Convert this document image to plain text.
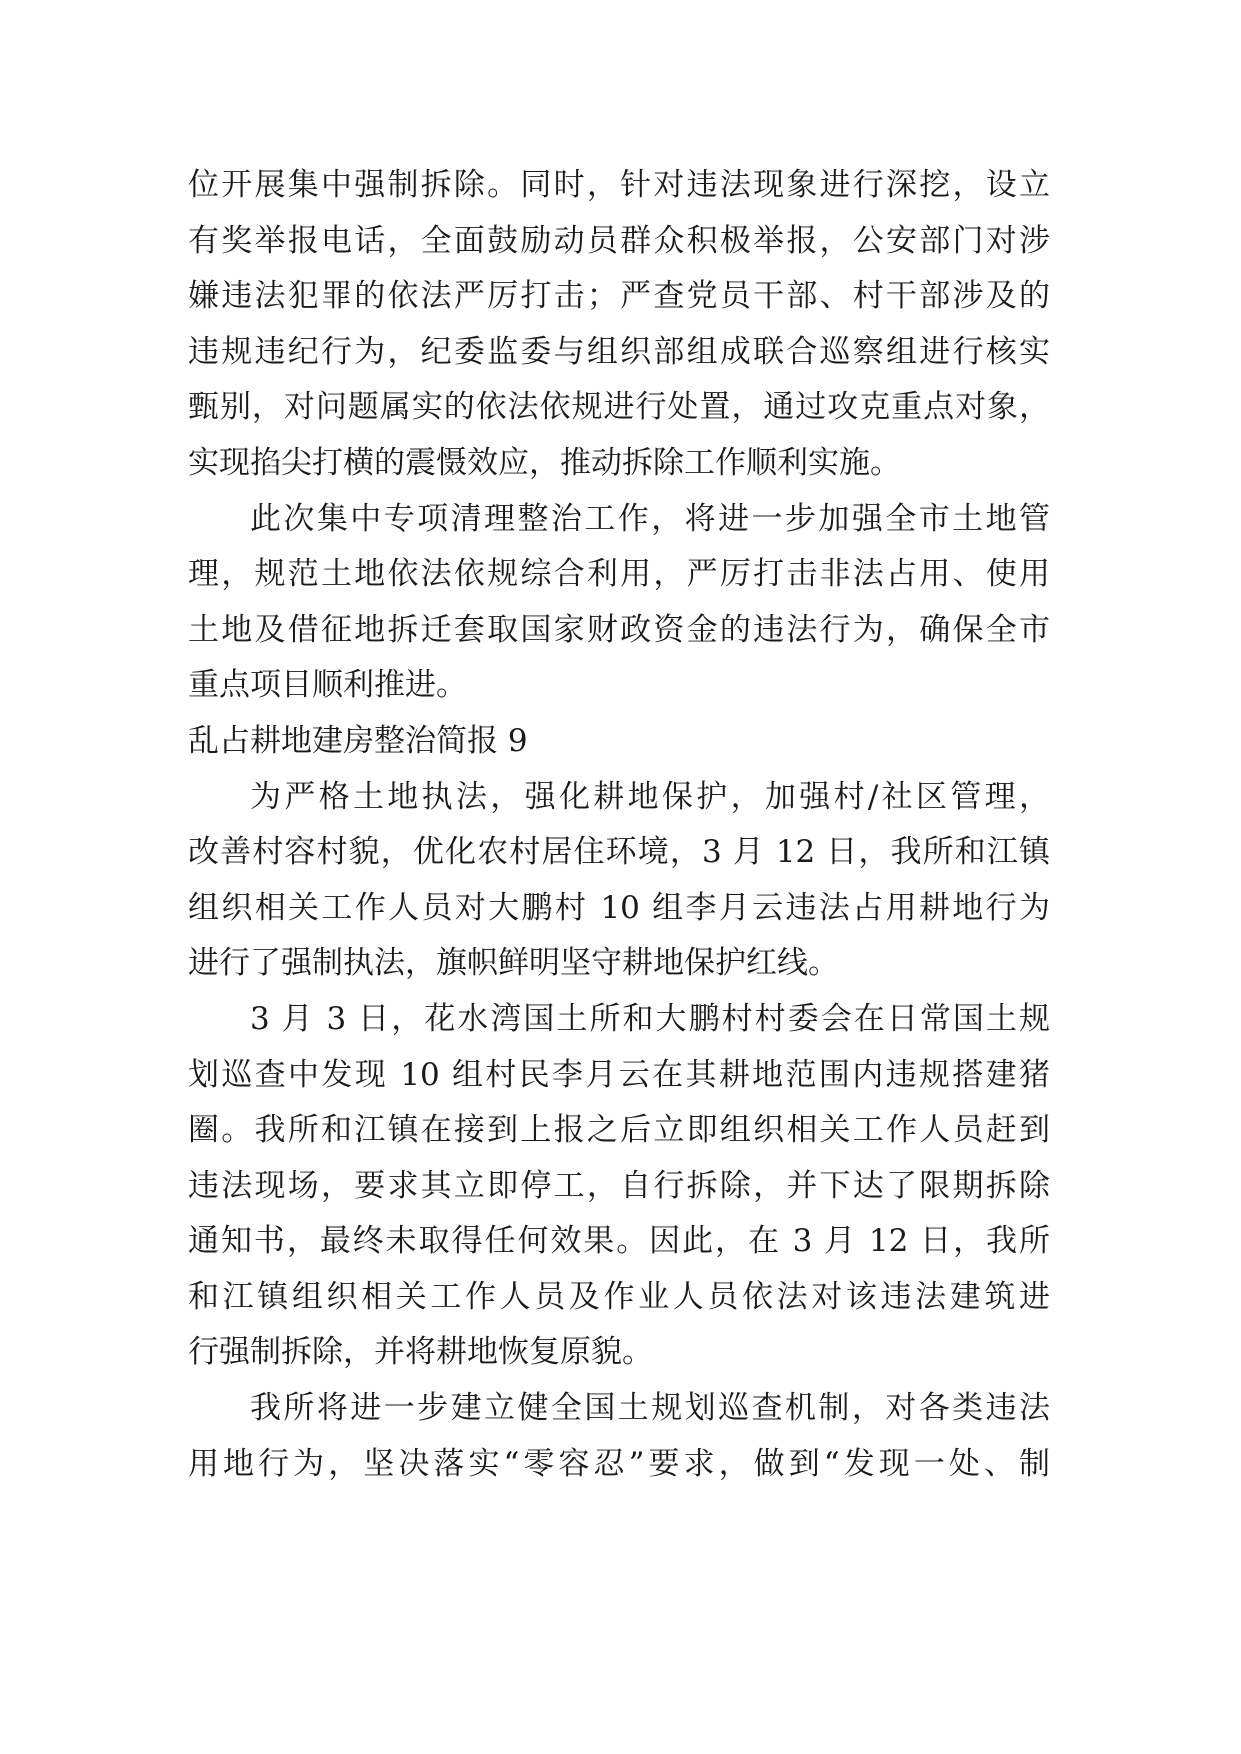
位开展集中强制拆除。同时，针对违法现象进行深挖，设立
有奖举报电话，全面鼓励动员群众积极举报，公安部门对涉
嫌违法犯罪的依法严厉打击；严查党员干部、村干部涉及的
违规违纪行为，纪委监委与组织部组成联合巡察组进行核实
甄别，对问题属实的依法依规进行处置，通过攻克重点对象，
实现掐尖打横的震慑效应，推动拆除工作顺利实施。
此次集中专项清理整治工作，将进一步加强全市土地管
理，规范土地依法依规综合利用，严厉打击非法占用、使用
土地及借征地拆迁套取国家财政资金的违法行为，确保全市
重点项目顺利推进。
乱占耕地建房整治简报 9
为严格土地执法，强化耕地保护，加强村/社区管理，
改善村容村貌，优化农村居住环境，3 月 12 日，我所和江镇
组织相关工作人员对大鹏村 10 组李月云违法占用耕地行为
进行了强制执法，旗帜鲜明坚守耕地保护红线。
3 月 3 日，花水湾国土所和大鹏村村委会在日常国土规
划巡查中发现 10 组村民李月云在其耕地范围内违规搭建猪
圈。我所和江镇在接到上报之后立即组织相关工作人员赶到
违法现场，要求其立即停工，自行拆除，并下达了限期拆除
通知书，最终未取得任何效果。因此，在 3 月 12 日，我所
和江镇组织相关工作人员及作业人员依法对该违法建筑进
行强制拆除，并将耕地恢复原貌。
我所将进一步建立健全国土规划巡查机制，对各类违法
用地行为，坚决落实“零容忍”要求，做到“发现一处、制
